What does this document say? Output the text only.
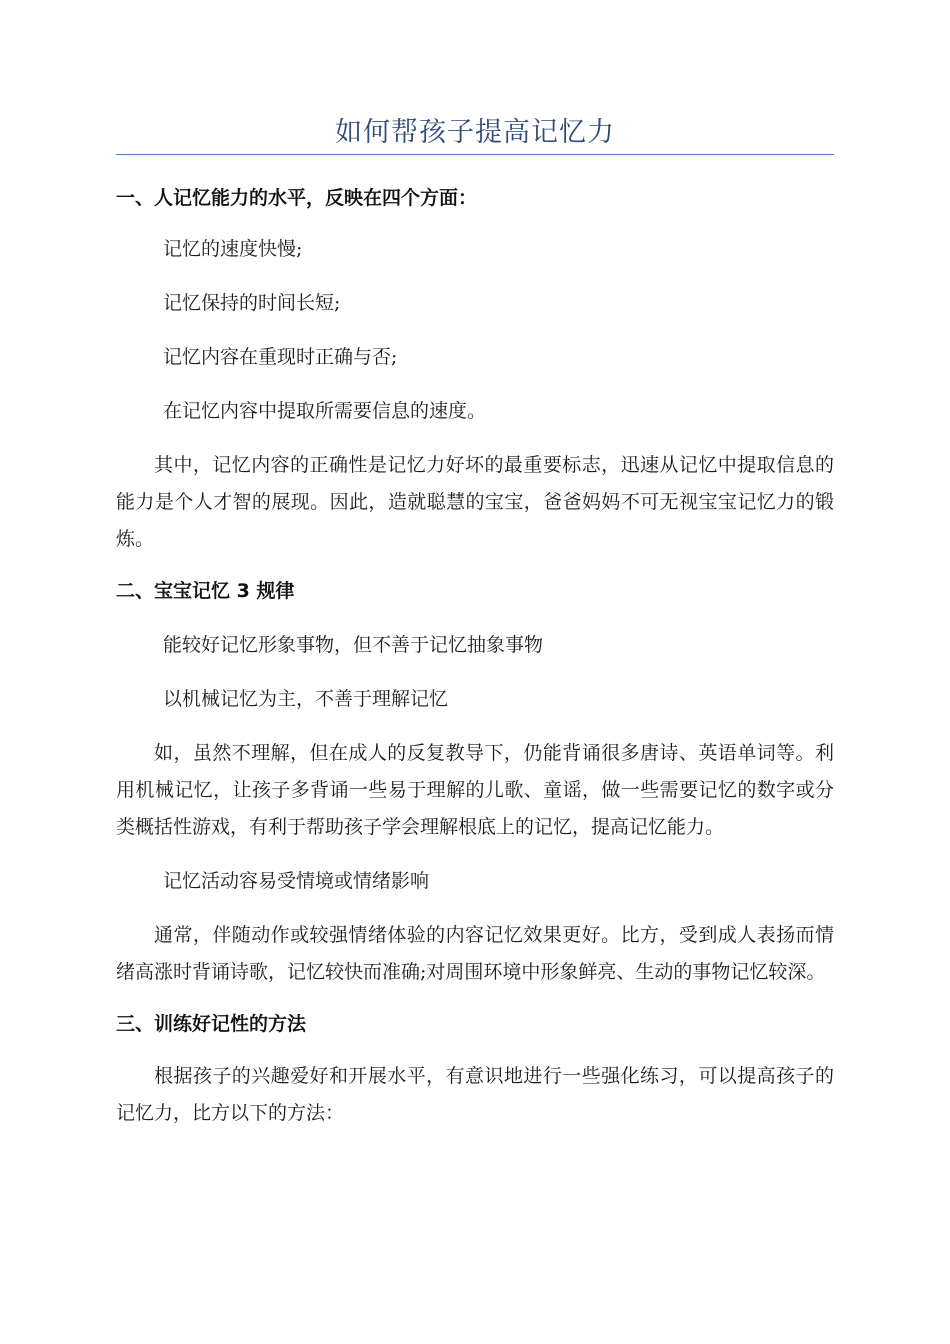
如何帮孩子提高记忆力

一、人记忆能力的水平，反映在四个方面：

记忆的速度快慢;

记忆保持的时间长短;

记忆内容在重现时正确与否;

在记忆内容中提取所需要信息的速度。

其中，记忆内容的正确性是记忆力好坏的最重要标志，迅速从记忆中提取信息的能力是个人才智的展现。因此，造就聪慧的宝宝，爸爸妈妈不可无视宝宝记忆力的锻炼。

二、宝宝记忆 3 规律

能较好记忆形象事物，但不善于记忆抽象事物

以机械记忆为主，不善于理解记忆

如，虽然不理解，但在成人的反复教导下，仍能背诵很多唐诗、英语单词等。利用机械记忆，让孩子多背诵一些易于理解的儿歌、童谣，做一些需要记忆的数字或分类概括性游戏，有利于帮助孩子学会理解根底上的记忆，提高记忆能力。

记忆活动容易受情境或情绪影响

通常，伴随动作或较强情绪体验的内容记忆效果更好。比方，受到成人表扬而情绪高涨时背诵诗歌，记忆较快而准确;对周围环境中形象鲜亮、生动的事物记忆较深。

三、训练好记性的方法

根据孩子的兴趣爱好和开展水平，有意识地进行一些强化练习，可以提高孩子的记忆力，比方以下的方法：
